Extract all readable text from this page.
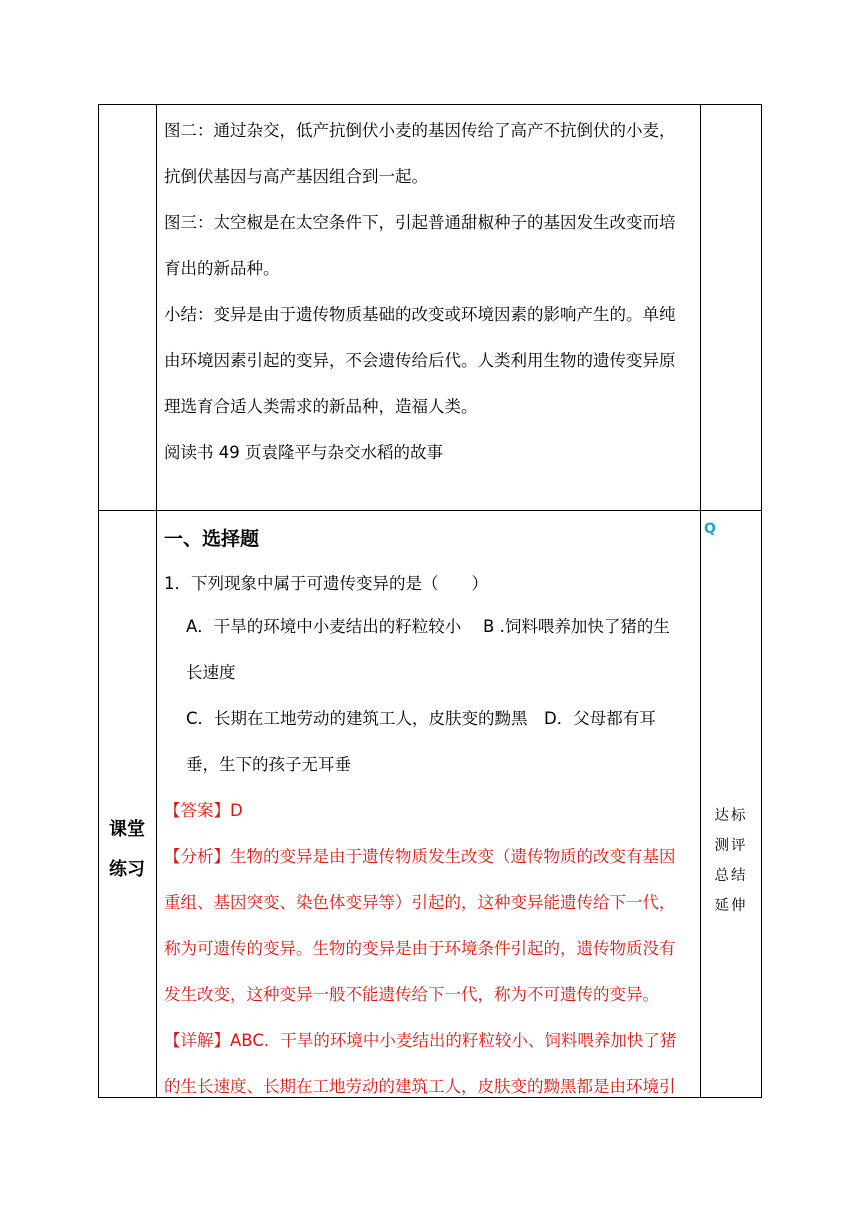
图二：通过杂交，低产抗倒伏小麦的基因传给了高产不抗倒伏的小麦，

抗倒伏基因与高产基因组合到一起。

图三：太空椒是在太空条件下，引起普通甜椒种子的基因发生改变而培

育出的新品种。

小结：变异是由于遗传物质基础的改变或环境因素的影响产生的。单纯

由环境因素引起的变异，不会遗传给后代。人类利用生物的遗传变异原

理选育合适人类需求的新品种，造福人类。

阅读书 49 页袁隆平与杂交水稻的故事

课堂
练习

一、选择题

1．下列现象中属于可遗传变异的是（　　）

A．干旱的环境中小麦结出的籽粒较小　 B .饲料喂养加快了猪的生

长速度

C．长期在工地劳动的建筑工人，皮肤变的黝黑　D．父母都有耳

垂，生下的孩子无耳垂

【答案】D

【分析】生物的变异是由于遗传物质发生改变（遗传物质的改变有基因

重组、基因突变、染色体变异等）引起的，这种变异能遗传给下一代，

称为可遗传的变异。生物的变异是由于环境条件引起的，遗传物质没有

发生改变，这种变异一般不能遗传给下一代，称为不可遗传的变异。

【详解】ABC．干旱的环境中小麦结出的籽粒较小、饲料喂养加快了猪

的生长速度、长期在工地劳动的建筑工人，皮肤变的黝黑都是由环境引

Q
达标
测评
总结
延伸
